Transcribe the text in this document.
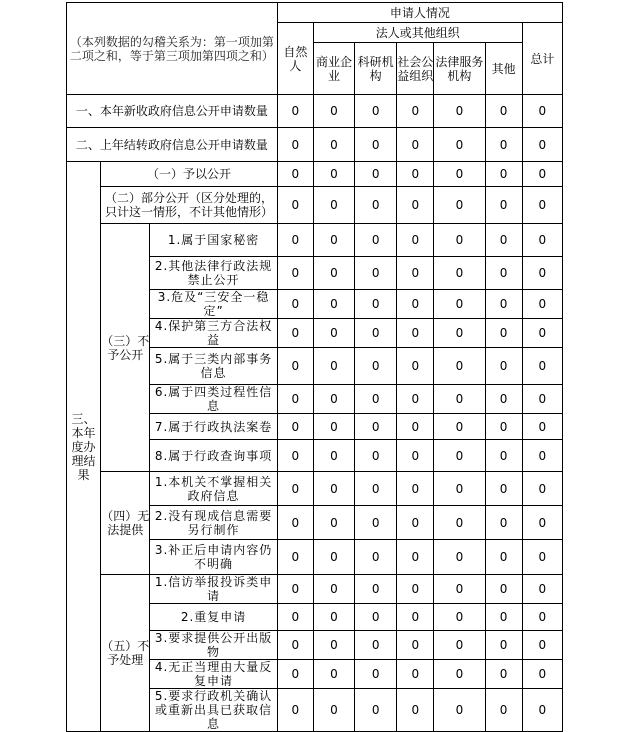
（本列数据的勾稽关系为：第一项加第二项之和，等于第三项加第四项之和）			申请人情况						
			自然人	法人或其他组织					总计
				商业企业	科研机构	社会公益组织	法律服务机构	其他	
一、本年新收政府信息公开申请数量			0	0	0	0	0	0	0
二、上年结转政府信息公开申请数量			0	0	0	0	0	0	0
三、本年度办理结果	（一）予以公开		0	0	0	0	0	0	0
	（二）部分公开（区分处理的，只计这一情形，不计其他情形）		0	0	0	0	0	0	0
	（三）不予公开	1.属于国家秘密	0	0	0	0	0	0	0
		2.其他法律行政法规禁止公开	0	0	0	0	0	0	0
		3.危及“三安全一稳定”	0	0	0	0	0	0	0
		4.保护第三方合法权益	0	0	0	0	0	0	0
		5.属于三类内部事务信息	0	0	0	0	0	0	0
		6.属于四类过程性信息	0	0	0	0	0	0	0
		7.属于行政执法案卷	0	0	0	0	0	0	0
		8.属于行政查询事项	0	0	0	0	0	0	0
	（四）无法提供	1.本机关不掌握相关政府信息	0	0	0	0	0	0	0
		2.没有现成信息需要另行制作	0	0	0	0	0	0	0
		3.补正后申请内容仍不明确	0	0	0	0	0	0	0
	（五）不予处理	1.信访举报投诉类申请	0	0	0	0	0	0	0
		2.重复申请	0	0	0	0	0	0	0
		3.要求提供公开出版物	0	0	0	0	0	0	0
		4.无正当理由大量反复申请	0	0	0	0	0	0	0
		5.要求行政机关确认或重新出具已获取信息	0	0	0	0	0	0	0
